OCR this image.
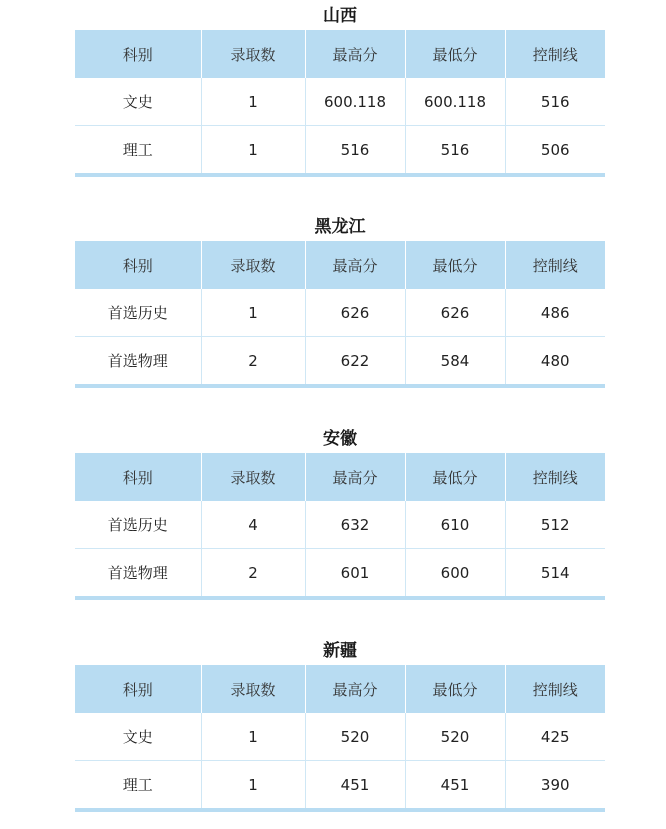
山西
科别	录取数	最高分	最低分	控制线
文史	1	600.118	600.118	516
理工	1	516	516	506
黑龙江
科别	录取数	最高分	最低分	控制线
首选历史	1	626	626	486
首选物理	2	622	584	480
安徽
科别	录取数	最高分	最低分	控制线
首选历史	4	632	610	512
首选物理	2	601	600	514
新疆
科别	录取数	最高分	最低分	控制线
文史	1	520	520	425
理工	1	451	451	390
